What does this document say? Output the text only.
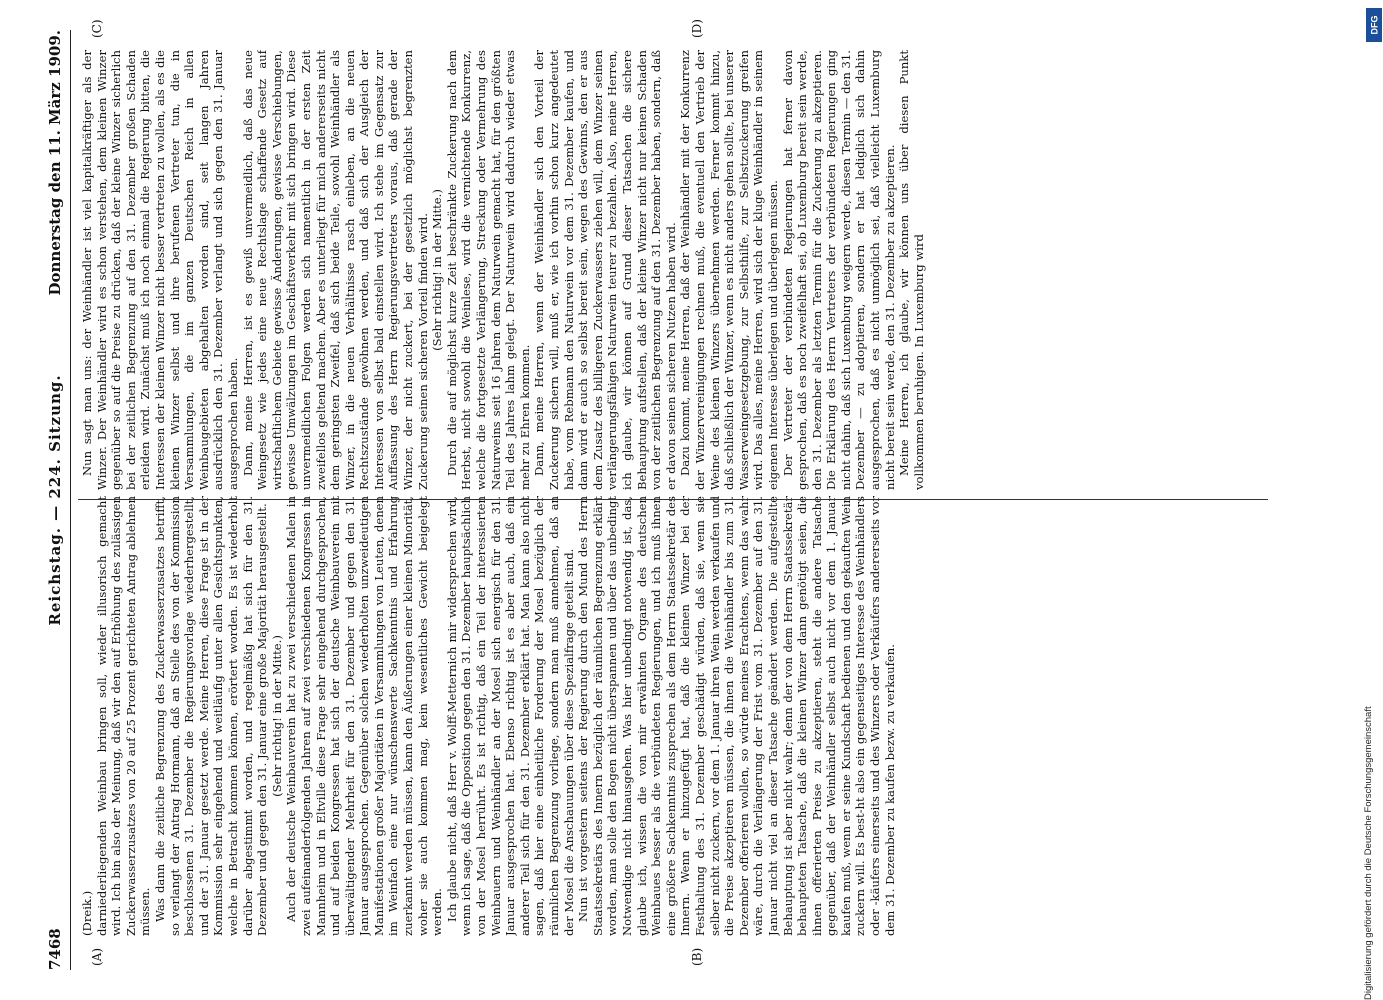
7468
Reichstag. — 224. Sitzung.
Donnerstag den 11. März 1909.
(A)	(B)
(C)	(D)

(Dreik.) darniederliegenden Weinbau bringen soll, wieder illusorisch gemacht wird. Ich bin also der Meinung, daß wir den auf Erhöhung des zulässigen Zuckerwasserzusatzes von 20 auf 25 Prozent gerichteten Antrag ablehnen müssen. Was dann die zeitliche Begrenzung des Zuckerwasserzusatzes betrifft, so verlangt der Antrag Hormann, daß an Stelle des von der Kommission beschlossenen 31. Dezember die Regierungsvorlage wiederhergestellt, und der 31. Januar gesetzt werde. Meine Herren, diese Frage ist in der Kommission sehr eingehend und weitläufig unter allen Gesichtspunkten, welche in Betracht kommen können, erörtert worden. Es ist wiederholt darüber abgestimmt worden, und regelmäßig hat sich für den 31. Dezember und gegen den 31. Januar eine große Majorität herausgestellt. (Sehr richtig! in der Mitte.) Auch der deutsche Weinbauverein hat zu zwei verschiedenen Malen in zwei aufeinanderfolgenden Jahren auf zwei verschiedenen Kongressen in Mannheim und in Eltville diese Frage sehr eingehend durchgesprochen, und auf beiden Kongressen hat sich der deutsche Weinbauverein mit überwältigender Mehrheit für den 31. Dezember und gegen den 31. Januar ausgesprochen. Gegenüber solchen wiederholten unzweideutigen Manifestationen großer Majoritäten in Versammlungen von Leuten, denen im Weinfach eine nur wünschenswerte Sachkenntnis und Erfahrung zuerkannt werden müssen, kann den Äußerungen einer kleinen Minorität, woher sie auch kommen mag, kein wesentliches Gewicht beigelegt werden. Ich glaube nicht, daß Herr v. Wolff-Metternich mir widersprechen wird, wenn ich sage, daß die Opposition gegen den 31. Dezember hauptsächlich von der Mosel herrührt. Es ist richtig, daß ein Teil der interessierten Weinbauern und Weinhändler an der Mosel sich energisch für den 31. Januar ausgesprochen hat. Ebenso richtig ist es aber auch, daß ein anderer Teil sich für den 31. Dezember erklärt hat. Man kann also nicht sagen, daß hier eine einheitliche Forderung der Mosel bezüglich der räumlichen Begrenzung vorliege, sondern man muß annehmen, daß an der Mosel die Anschauungen über diese Spezialfrage geteilt sind. Nun ist vorgestern seitens der Regierung durch den Mund des Herrn Staatssekretärs des Innern bezüglich der räumlichen Begrenzung erklärt worden, man solle den Bogen nicht überspannen und über das unbedingt Notwendige nicht hinausgehen. Was hier unbedingt notwendig ist, das, glaube ich, wissen die von mir erwähnten Organe des deutschen Weinbaues besser als die verbündeten Regierungen, und ich muß ihnen eine größere Sachkenntnis zusprechen als dem Herrn Staatssekretär des Innern. Wenn er hinzugefügt hat, daß die kleinen Winzer bei der Festhaltung des 31. Dezember geschädigt würden, daß sie, wenn sie selber nicht zuckern, vor dem 1. Januar ihren Wein werden verkaufen und die Preise akzeptieren müssen, die ihnen die Weinhändler bis zum 31. Dezember offerieren wollen, so würde meines Erachtens, wenn das wahr wäre, durch die Verlängerung der Frist vom 31. Dezember auf den 31. Januar nicht viel an dieser Tatsache geändert werden. Die aufgestellte Behauptung ist aber nicht wahr; denn der von dem Herrn Staatssekretär behaupteten Tatsache, daß die kleinen Winzer dann genötigt seien, die ihnen offerierten Preise zu akzeptieren, steht die andere Tatsache gegenüber, daß der Weinhändler selbst auch nicht vor dem 1. Januar kaufen muß, wenn er seine Kundschaft bedienen und den gekauften Wein zuckern will. Es best-ht also ein gegenseitiges Interesse des Weinhändlers oder -käufers einerseits und des Winzers oder Verkäufers andererseits vor dem 31. Dezember zu kaufen bezw. zu verkaufen.

Nun sagt man uns: der Weinhändler ist viel kapitalkräftiger als der Winzer. Der Weinhändler wird es schon verstehen, dem kleinen Winzer gegenüber so auf die Preise zu drücken, daß der kleine Winzer sicherlich bei der zeitlichen Begrenzung auf den 31. Dezember großen Schaden erleiden wird. Zunächst muß ich noch einmal die Regierung bitten, die Interessen der kleinen Winzer nicht besser vertreten zu wollen, als es die kleinen Winzer selbst und ihre berufenen Vertreter tun, die in Versammlungen, die im ganzen Deutschen Reich in allen Weinbaugebieten abgehalten worden sind, seit langen Jahren ausdrücklich den 31. Dezember verlangt und sich gegen den 31. Januar ausgesprochen haben. Dann, meine Herren, ist es gewiß unvermeidlich, daß das neue Weingesetz wie jedes eine neue Rechtslage schaffende Gesetz auf wirtschaftlichem Gebiete gewisse Änderungen, gewisse Verschiebungen, gewisse Umwälzungen im Geschäftsverkehr mit sich bringen wird. Diese unvermeidlichen Folgen werden sich namentlich in der ersten Zeit zweifellos geltend machen. Aber es unterliegt für mich andererseits nicht dem geringsten Zweifel, daß sich beide Teile, sowohl Weinhändler als Winzer, in die neuen Verhältnisse rasch einleben, an die neuen Rechtszustände gewöhnen werden, und daß sich der Ausgleich der Interessen von selbst bald einstellen wird. Ich stehe im Gegensatz zur Auffassung des Herrn Regierungsvertreters voraus, daß gerade der Winzer, der nicht zuckert, bei der gesetzlich möglichst begrenzten Zuckerung seinen sicheren Vorteil finden wird. (Sehr richtig! in der Mitte.) Durch die auf möglichst kurze Zeit beschränkte Zuckerung nach dem Herbst, nicht sowohl die Weinlese, wird die vernichtende Konkurrenz, welche die fortgesetzte Verlängerung, Streckung oder Vermehrung des Naturweins seit 16 Jahren dem Naturwein gemacht hat, für den größten Teil des Jahres lahm gelegt. Der Naturwein wird dadurch wieder etwas mehr zu Ehren kommen. Dann, meine Herren, wenn der Weinhändler sich den Vorteil der Zuckerung sichern will, muß er, wie ich vorhin schon kurz angedeutet habe, vom Rebmann den Naturwein vor dem 31. Dezember kaufen, und dann wird er auch so selbst bereit sein, wegen des Gewinns, den er aus dem Zusatz des billigeren Zuckerwassers ziehen will, dem Winzer seinen verlängerungsfähigen Naturwein teurer zu bezahlen. Also, meine Herren, ich glaube, wir können auf Grund dieser Tatsachen die sichere Behauptung aufstellen, daß der kleine Winzer nicht nur keinen Schaden von der zeitlichen Begrenzung auf den 31. Dezember haben, sondern, daß er davon seinen sicheren Nutzen haben wird. Dazu kommt, meine Herren, daß der Weinhändler mit der Konkurrenz der Winzervereinigungen rechnen muß, die eventuell den Vertrieb der Weine des kleinen Winzers übernehmen werden. Ferner kommt hinzu, daß schließlich der Winzer, wenn es nicht anders gehen sollte, bei unserer Wasserweingesetzgebung, zur Selbsthilfe, zur Selbstzuckerung greifen wird. Das alles, meine Herren, wird sich der kluge Weinhändler in seinem eigenen Interesse überlegen und überlegen müssen. Der Vertreter der verbündeten Regierungen hat ferner davon gesprochen, daß es noch zweifelhaft sei, ob Luxemburg bereit sein werde, den 31. Dezember als letzten Termin für die Zuckerung zu akzeptieren. Die Erklärung des Herrn Vertreters der verbündeten Regierungen ging nicht dahin, daß sich Luxemburg weigern werde, diesen Termin — den 31. Dezember — zu adoptieren, sondern er hat lediglich sich dahin ausgesprochen, daß es nicht unmöglich sei, daß vielleicht Luxemburg nicht bereit sein werde, den 31. Dezember zu akzeptieren. Meine Herren, ich glaube, wir können uns über diesen Punkt vollkommen beruhigen. In Luxemburg wird

Digitalisierung gefördert durch die Deutsche Forschungsgemeinschaft
DFG
